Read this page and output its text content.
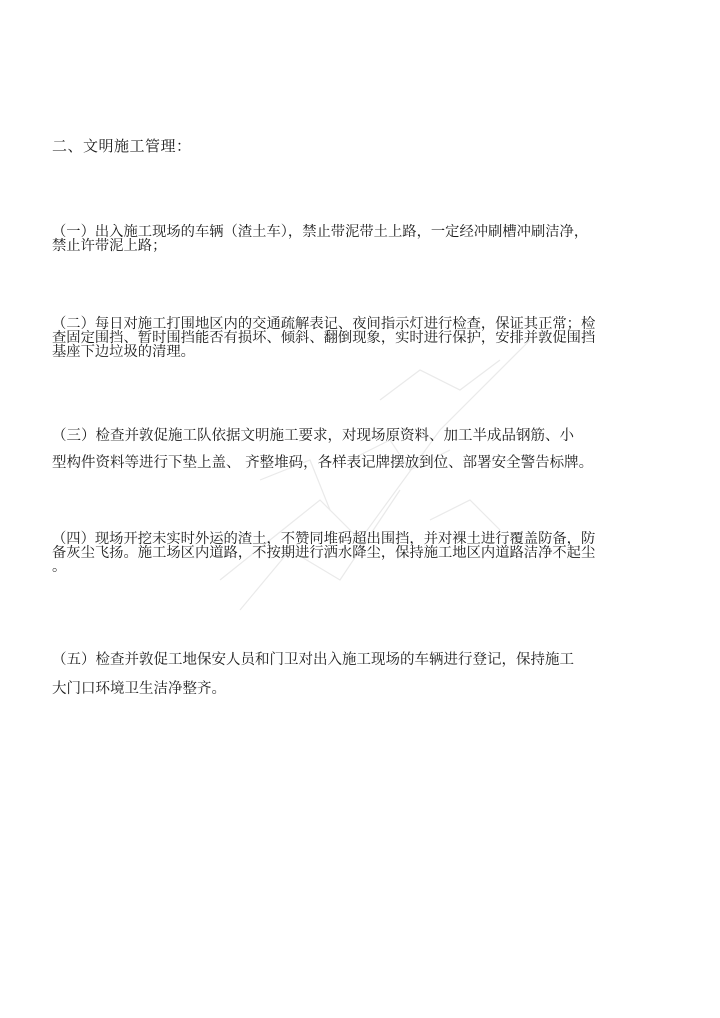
二、文明施工管理：
（一）出入施工现场的车辆（渣土车），禁止带泥带土上路，一定经冲刷槽冲刷洁净，
禁止许带泥上路；
（二）每日对施工打围地区内的交通疏解表记、夜间指示灯进行检查，保证其正常；检
查固定围挡、暂时围挡能否有损坏、倾斜、翻倒现象，实时进行保护，安排并敦促围挡
基座下边垃圾的清理。
（三）检查并敦促施工队依据文明施工要求，对现场原资料、加工半成品钢筋、小
型构件资料等进行下垫上盖、 齐整堆码，各样表记牌摆放到位、部署安全警告标牌。
（四）现场开挖未实时外运的渣土，不赞同堆码超出围挡，并对裸土进行覆盖防备，防
备灰尘飞扬。施工场区内道路，不按期进行洒水降尘，保持施工地区内道路洁净不起尘
。
（五）检查并敦促工地保安人员和门卫对出入施工现场的车辆进行登记，保持施工
大门口环境卫生洁净整齐。
